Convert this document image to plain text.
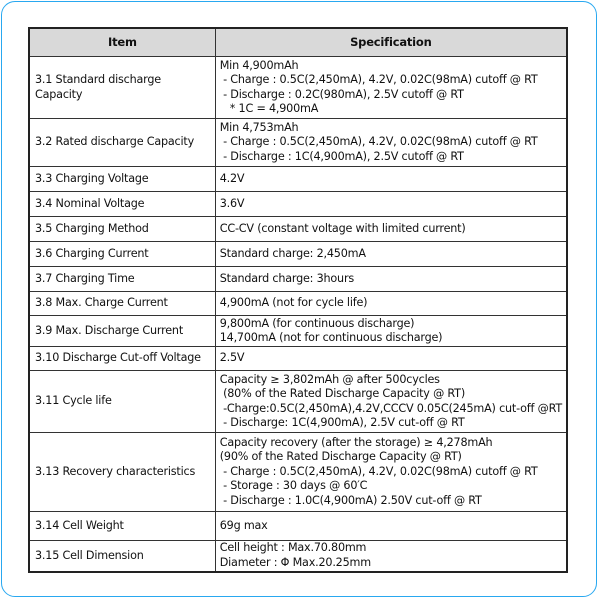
Item	Specification
3.1 Standard discharge Capacity	Min 4,900mAh
- Charge : 0.5C(2,450mA), 4.2V, 0.02C(98mA) cutoff @ RT
- Discharge : 0.2C(980mA), 2.5V cutoff @ RT
* 1C = 4,900mA

3.2 Rated discharge Capacity	Min 4,753mAh
- Charge : 0.5C(2,450mA), 4.2V, 0.02C(98mA) cutoff @ RT
- Discharge : 1C(4,900mA), 2.5V cutoff @ RT

3.3 Charging Voltage	4.2V

3.4 Nominal Voltage	3.6V

3.5 Charging Method	CC-CV (constant voltage with limited current)

3.6 Charging Current	Standard charge: 2,450mA

3.7 Charging Time	Standard charge: 3hours

3.8 Max. Charge Current	4,900mA (not for cycle life)

3.9 Max. Discharge Current	9,800mA (for continuous discharge)
14,700mA (not for continuous discharge)

3.10 Discharge Cut-off Voltage	2.5V

3.11 Cycle life	Capacity ≥ 3,802mAh @ after 500cycles
(80% of the Rated Discharge Capacity @ RT)
-Charge:0.5C(2,450mA),4.2V,CCCV 0.05C(245mA) cut-off @RT
- Discharge: 1C(4,900mA), 2.5V cut-off @ RT

3.13 Recovery characteristics	Capacity recovery (after the storage) ≥ 4,278mAh
(90% of the Rated Discharge Capacity @ RT)
- Charge : 0.5C(2,450mA), 4.2V, 0.02C(98mA) cutoff @ RT
- Storage : 30 days @ 60′C
- Discharge : 1.0C(4,900mA) 2.50V cut-off @ RT

3.14 Cell Weight	69g max

3.15 Cell Dimension	Cell height : Max.70.80mm
Diameter : Φ Max.20.25mm
